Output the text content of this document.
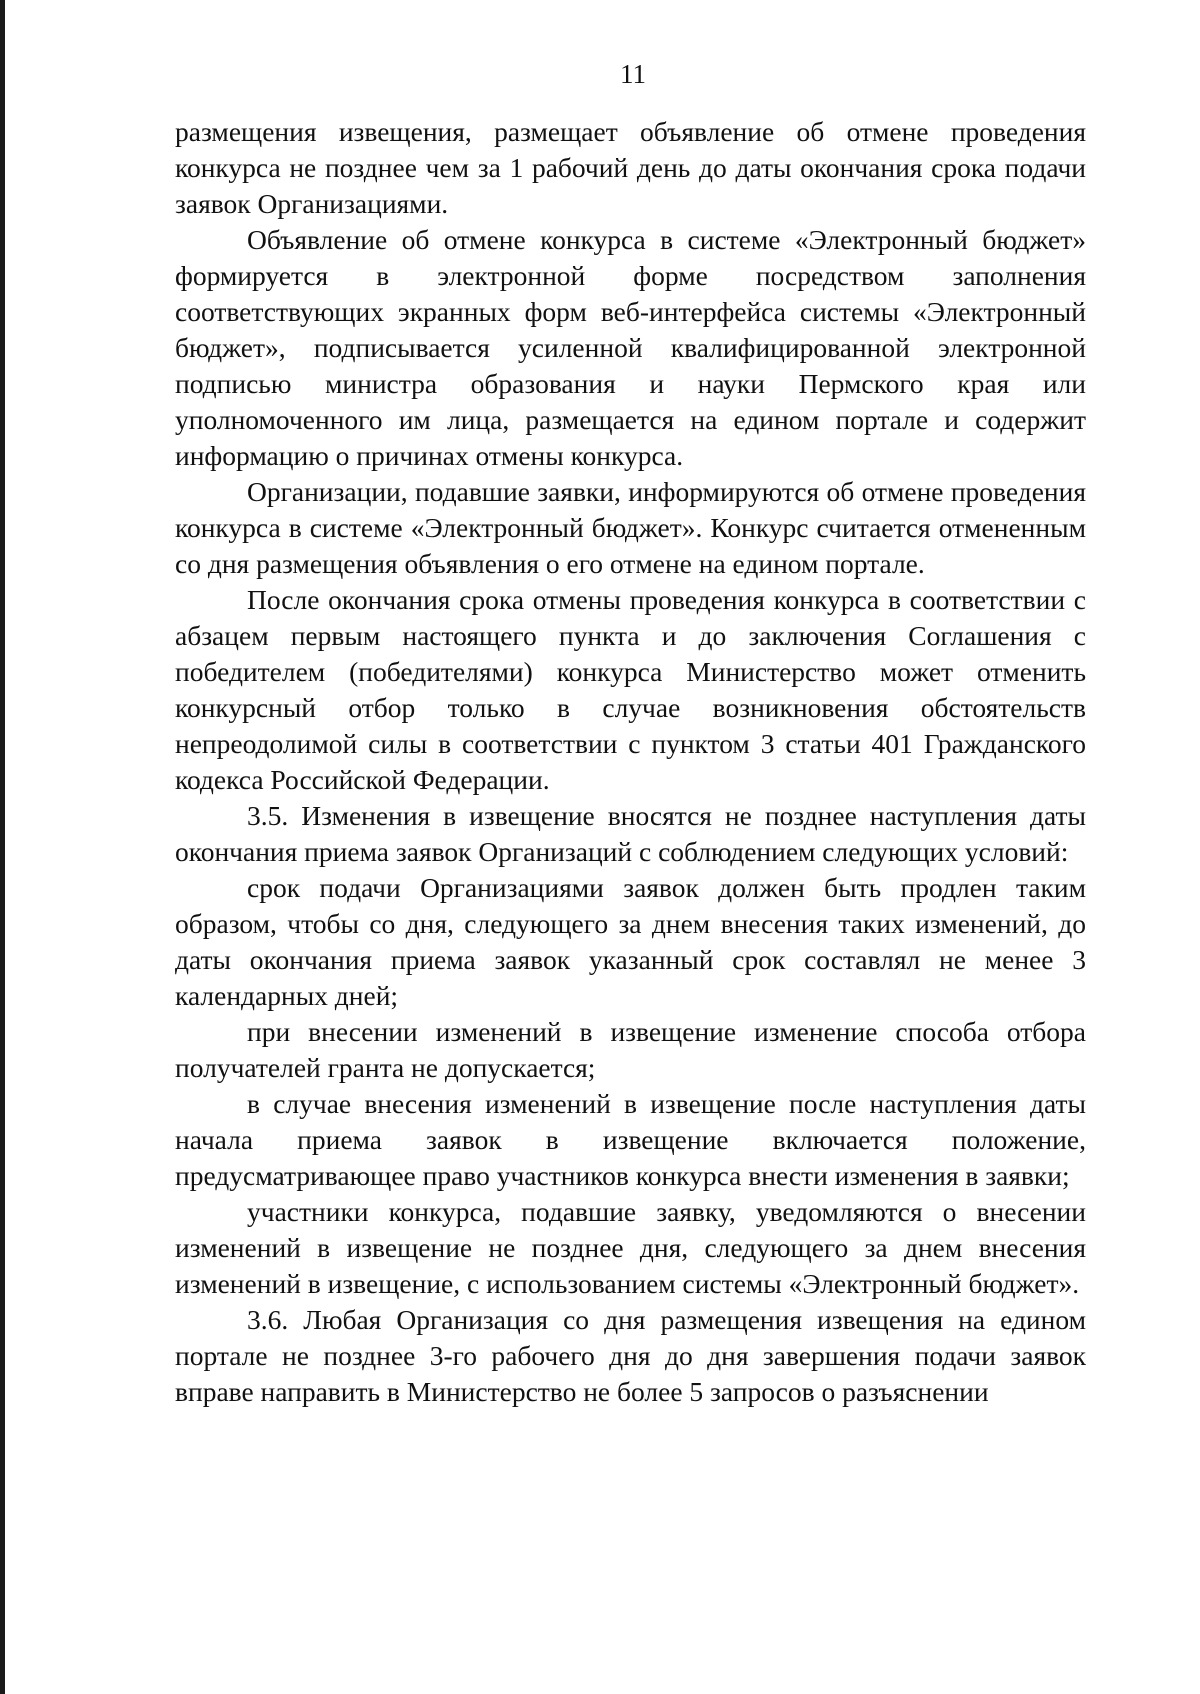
11

размещения извещения, размещает объявление об отмене проведения конкурса не позднее чем за 1 рабочий день до даты окончания срока подачи заявок Организациями.

Объявление об отмене конкурса в системе «Электронный бюджет» формируется в электронной форме посредством заполнения соответствующих экранных форм веб-интерфейса системы «Электронный бюджет», подписывается усиленной квалифицированной электронной подписью министра образования и науки Пермского края или уполномоченного им лица, размещается на едином портале и содержит информацию о причинах отмены конкурса.

Организации, подавшие заявки, информируются об отмене проведения конкурса в системе «Электронный бюджет». Конкурс считается отмененным со дня размещения объявления о его отмене на едином портале.

После окончания срока отмены проведения конкурса в соответствии с абзацем первым настоящего пункта и до заключения Соглашения с победителем (победителями) конкурса Министерство может отменить конкурсный отбор только в случае возникновения обстоятельств непреодолимой силы в соответствии с пунктом 3 статьи 401 Гражданского кодекса Российской Федерации.

3.5. Изменения в извещение вносятся не позднее наступления даты окончания приема заявок Организаций с соблюдением следующих условий:

срок подачи Организациями заявок должен быть продлен таким образом, чтобы со дня, следующего за днем внесения таких изменений, до даты окончания приема заявок указанный срок составлял не менее 3 календарных дней;

при внесении изменений в извещение изменение способа отбора получателей гранта не допускается;

в случае внесения изменений в извещение после наступления даты начала приема заявок в извещение включается положение, предусматривающее право участников конкурса внести изменения в заявки;

участники конкурса, подавшие заявку, уведомляются о внесении изменений в извещение не позднее дня, следующего за днем внесения изменений в извещение, с использованием системы «Электронный бюджет».

3.6. Любая Организация со дня размещения извещения на едином портале не позднее 3-го рабочего дня до дня завершения подачи заявок вправе направить в Министерство не более 5 запросов о разъяснении
